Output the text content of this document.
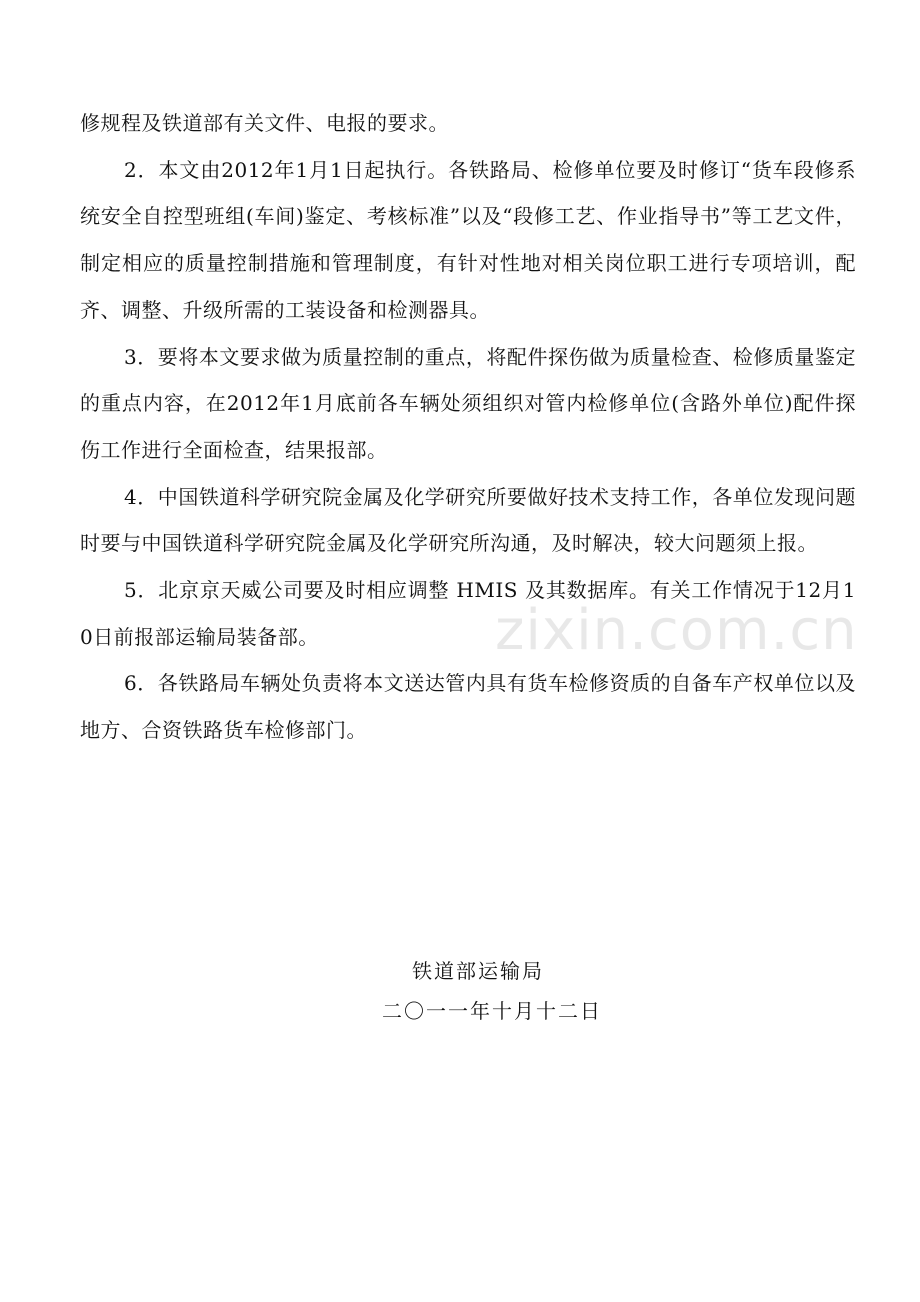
修规程及铁道部有关文件、电报的要求。

2．本文由2012年1月1日起执行。各铁路局、检修单位要及时修订“货车段修系统安全自控型班组(车间)鉴定、考核标准”以及“段修工艺、作业指导书”等工艺文件，制定相应的质量控制措施和管理制度，有针对性地对相关岗位职工进行专项培训，配齐、调整、升级所需的工装设备和检测器具。

3．要将本文要求做为质量控制的重点，将配件探伤做为质量检查、检修质量鉴定的重点内容，在2012年1月底前各车辆处须组织对管内检修单位(含路外单位)配件探伤工作进行全面检查，结果报部。

4．中国铁道科学研究院金属及化学研究所要做好技术支持工作，各单位发现问题时要与中国铁道科学研究院金属及化学研究所沟通，及时解决，较大问题须上报。

5．北京京天威公司要及时相应调整 HMIS 及其数据库。有关工作情况于12月10日前报部运输局装备部。

6．各铁路局车辆处负责将本文送达管内具有货车检修资质的自备车产权单位以及地方、合资铁路货车检修部门。

铁道部运输局
二〇一一年十月十二日
zixin.com.cn
